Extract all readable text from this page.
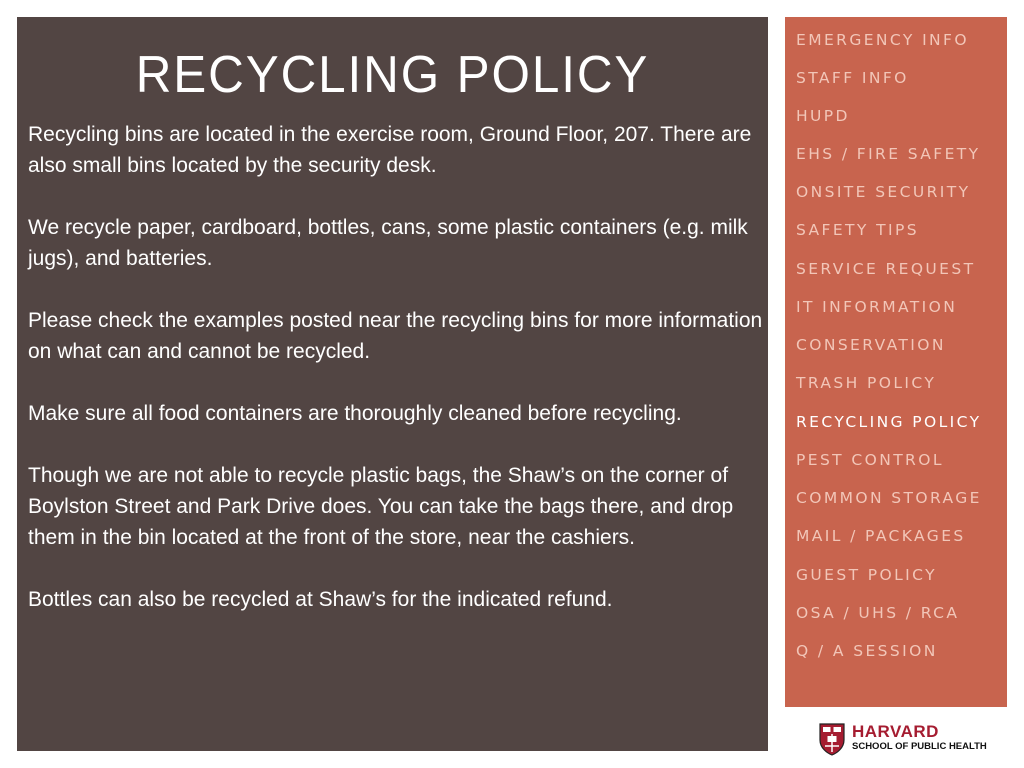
RECYCLING POLICY

Recycling bins are located in the exercise room, Ground Floor, 207. There are also small bins located by the security desk.

We recycle paper, cardboard, bottles, cans, some plastic containers (e.g. milk jugs), and batteries.

Please check the examples posted near the recycling bins for more information on what can and cannot be recycled.

Make sure all food containers are thoroughly cleaned before recycling.

Though we are not able to recycle plastic bags, the Shaw’s on the corner of Boylston Street and Park Drive does. You can take the bags there, and drop them in the bin located at the front of the store, near the cashiers.

Bottles can also be recycled at Shaw’s for the indicated refund.

EMERGENCY INFO
STAFF INFO
HUPD
EHS / FIRE SAFETY
ONSITE SECURITY
SAFETY TIPS
SERVICE REQUEST
IT INFORMATION
CONSERVATION
TRASH POLICY
RECYCLING POLICY
PEST CONTROL
COMMON STORAGE
MAIL / PACKAGES
GUEST POLICY
OSA / UHS / RCA
Q / A SESSION
HARVARD
SCHOOL OF PUBLIC HEALTH
